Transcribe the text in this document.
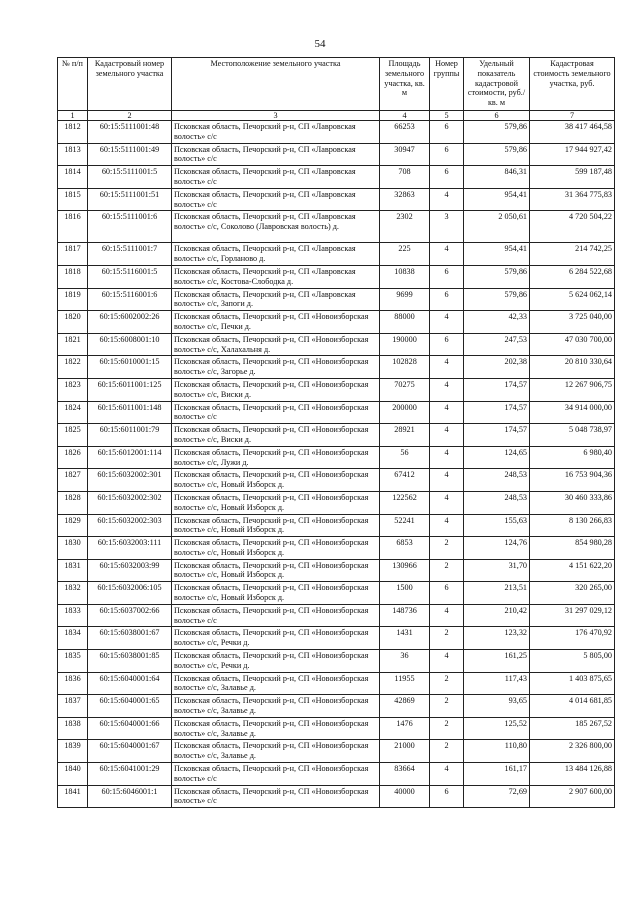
54
№ п/п	Кадастровый номер земельного участка	Местоположение земельного участка	Площадь земельного участка, кв. м	Номер группы	Удельный показатель кадастровой стоимости, руб./кв. м	Кадастровая стоимость земельного участка, руб.
1	2	3	4	5	6	7
1812	60:15:5111001:48	Псковская область, Печорский р-н, СП «Лавровская волость» с/с	66253	6	579,86	38 417 464,58
1813	60:15:5111001:49	Псковская область, Печорский р-н, СП «Лавровская волость» с/с	30947	6	579,86	17 944 927,42
1814	60:15:5111001:5	Псковская область, Печорский р-н, СП «Лавровская волость» с/с	708	6	846,31	599 187,48
1815	60:15:5111001:51	Псковская область, Печорский р-н, СП «Лавровская волость» с/с	32863	4	954,41	31 364 775,83
1816	60:15:5111001:6	Псковская область, Печорский р-н, СП «Лавровская волость» с/с, Соколово (Лавровская волость) д.	2302	3	2 050,61	4 720 504,22
1817	60:15:5111001:7	Псковская область, Печорский р-н, СП «Лавровская волость» с/с, Горланово д.	225	4	954,41	214 742,25
1818	60:15:5116001:5	Псковская область, Печорский р-н, СП «Лавровская волость» с/с, Костова-Слободка д.	10838	6	579,86	6 284 522,68
1819	60:15:5116001:6	Псковская область, Печорский р-н, СП «Лавровская волость» с/с, Запоги д.	9699	6	579,86	5 624 062,14
1820	60:15:6002002:26	Псковская область, Печорский р-н, СП «Новоизборская волость» с/с, Печки д.	88000	4	42,33	3 725 040,00
1821	60:15:6008001:10	Псковская область, Печорский р-н, СП «Новоизборская волость» с/с, Халахальня д.	190000	6	247,53	47 030 700,00
1822	60:15:6010001:15	Псковская область, Печорский р-н, СП «Новоизборская волость» с/с, Загорье д.	102828	4	202,38	20 810 330,64
1823	60:15:6011001:125	Псковская область, Печорский р-н, СП «Новоизборская волость» с/с, Виски д.	70275	4	174,57	12 267 906,75
1824	60:15:6011001:148	Псковская область, Печорский р-н, СП «Новоизборская волость» с/с	200000	4	174,57	34 914 000,00
1825	60:15:6011001:79	Псковская область, Печорский р-н, СП «Новоизборская волость» с/с, Виски д.	28921	4	174,57	5 048 738,97
1826	60:15:6012001:114	Псковская область, Печорский р-н, СП «Новоизборская волость» с/с, Лужи д.	56	4	124,65	6 980,40
1827	60:15:6032002:301	Псковская область, Печорский р-н, СП «Новоизборская волость» с/с, Новый Изборск д.	67412	4	248,53	16 753 904,36
1828	60:15:6032002:302	Псковская область, Печорский р-н, СП «Новоизборская волость» с/с, Новый Изборск д.	122562	4	248,53	30 460 333,86
1829	60:15:6032002:303	Псковская область, Печорский р-н, СП «Новоизборская волость» с/с, Новый Изборск д.	52241	4	155,63	8 130 266,83
1830	60:15:6032003:111	Псковская область, Печорский р-н, СП «Новоизборская волость» с/с, Новый Изборск д.	6853	2	124,76	854 980,28
1831	60:15:6032003:99	Псковская область, Печорский р-н, СП «Новоизборская волость» с/с, Новый Изборск д.	130966	2	31,70	4 151 622,20
1832	60:15:6032006:105	Псковская область, Печорский р-н, СП «Новоизборская волость» с/с, Новый Изборск д.	1500	6	213,51	320 265,00
1833	60:15:6037002:66	Псковская область, Печорский р-н, СП «Новоизборская волость» с/с	148736	4	210,42	31 297 029,12
1834	60:15:6038001:67	Псковская область, Печорский р-н, СП «Новоизборская волость» с/с, Речки д.	1431	2	123,32	176 470,92
1835	60:15:6038001:85	Псковская область, Печорский р-н, СП «Новоизборская волость» с/с, Речки д.	36	4	161,25	5 805,00
1836	60:15:6040001:64	Псковская область, Печорский р-н, СП «Новоизборская волость» с/с, Залавье д.	11955	2	117,43	1 403 875,65
1837	60:15:6040001:65	Псковская область, Печорский р-н, СП «Новоизборская волость» с/с, Залавье д.	42869	2	93,65	4 014 681,85
1838	60:15:6040001:66	Псковская область, Печорский р-н, СП «Новоизборская волость» с/с, Залавье д.	1476	2	125,52	185 267,52
1839	60:15:6040001:67	Псковская область, Печорский р-н, СП «Новоизборская волость» с/с, Залавье д.	21000	2	110,80	2 326 800,00
1840	60:15:6041001:29	Псковская область, Печорский р-н, СП «Новоизборская волость» с/с	83664	4	161,17	13 484 126,88
1841	60:15:6046001:1	Псковская область, Печорский р-н, СП «Новоизборская волость» с/с	40000	6	72,69	2 907 600,00
